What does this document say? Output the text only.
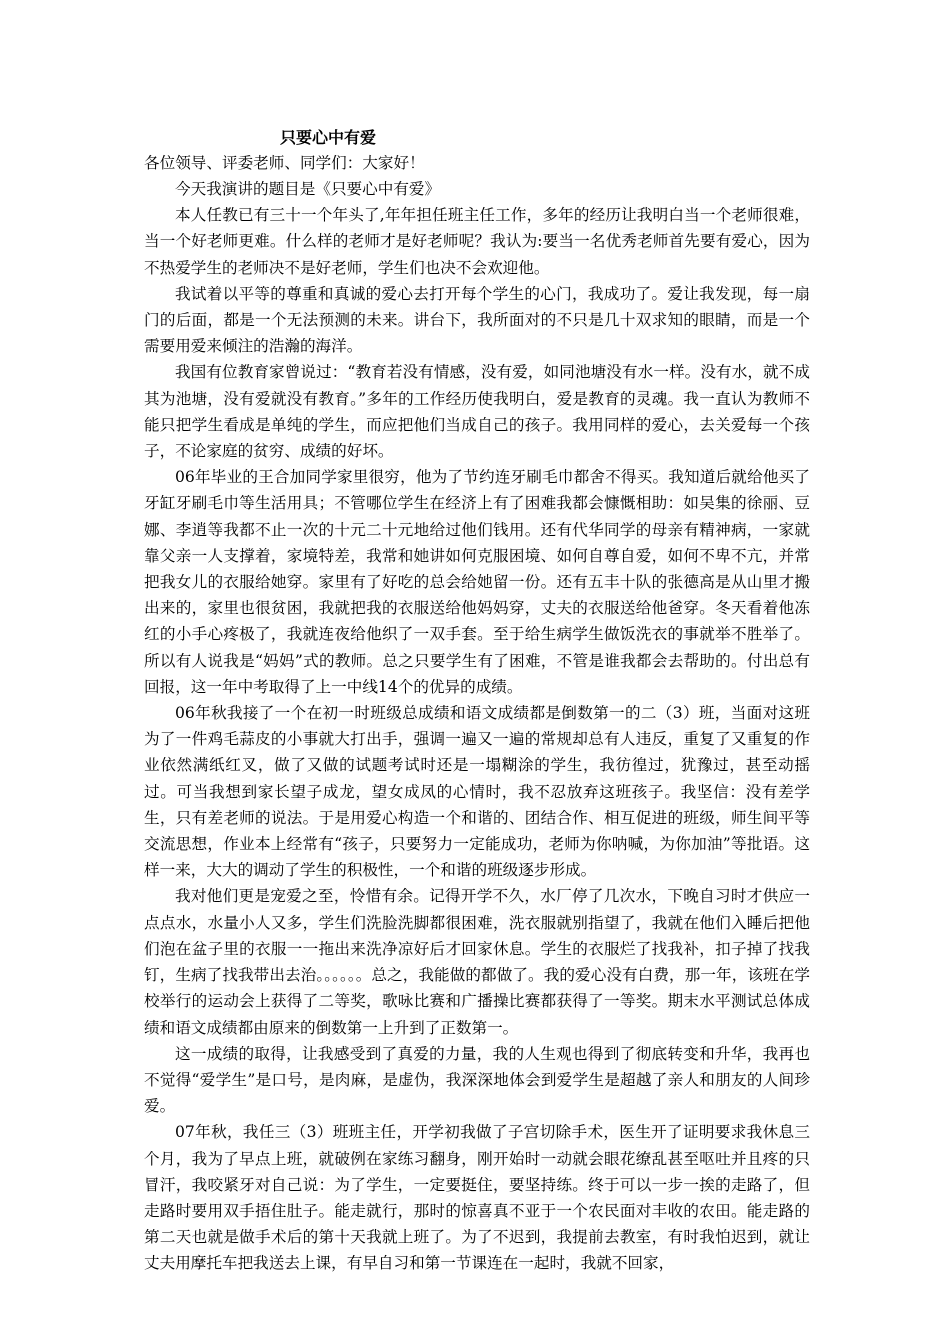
只要心中有爱

各位领导、评委老师、同学们：大家好！

今天我演讲的题目是《只要心中有爱》

本人任教已有三十一个年头了,年年担任班主任工作，多年的经历让我明白当一个老师很难，当一个好老师更难。什么样的老师才是好老师呢？我认为:要当一名优秀老师首先要有爱心，因为不热爱学生的老师决不是好老师，学生们也决不会欢迎他。

我试着以平等的尊重和真诚的爱心去打开每个学生的心门，我成功了。爱让我发现，每一扇门的后面，都是一个无法预测的未来。讲台下，我所面对的不只是几十双求知的眼睛，而是一个需要用爱来倾注的浩瀚的海洋。

我国有位教育家曾说过：“教育若没有情感，没有爱，如同池塘没有水一样。没有水，就不成其为池塘，没有爱就没有教育。”多年的工作经历使我明白，爱是教育的灵魂。我一直认为教师不能只把学生看成是单纯的学生，而应把他们当成自己的孩子。我用同样的爱心，去关爱每一个孩子，不论家庭的贫穷、成绩的好坏。

06年毕业的王合加同学家里很穷，他为了节约连牙刷毛巾都舍不得买。我知道后就给他买了牙缸牙刷毛巾等生活用具；不管哪位学生在经济上有了困难我都会慷慨相助：如吴集的徐丽、豆娜、李逍等我都不止一次的十元二十元地给过他们钱用。还有代华同学的母亲有精神病，一家就靠父亲一人支撑着，家境特差，我常和她讲如何克服困境、如何自尊自爱，如何不卑不亢，并常把我女儿的衣服给她穿。家里有了好吃的总会给她留一份。还有五丰十队的张德高是从山里才搬出来的，家里也很贫困，我就把我的衣服送给他妈妈穿，丈夫的衣服送给他爸穿。冬天看着他冻红的小手心疼极了，我就连夜给他织了一双手套。至于给生病学生做饭洗衣的事就举不胜举了。所以有人说我是“妈妈”式的教师。总之只要学生有了困难，不管是谁我都会去帮助的。付出总有回报，这一年中考取得了上一中线14个的优异的成绩。

06年秋我接了一个在初一时班级总成绩和语文成绩都是倒数第一的二（3）班，当面对这班为了一件鸡毛蒜皮的小事就大打出手，强调一遍又一遍的常规却总有人违反，重复了又重复的作业依然满纸红叉，做了又做的试题考试时还是一塌糊涂的学生，我彷徨过，犹豫过，甚至动摇过。可当我想到家长望子成龙，望女成凤的心情时，我不忍放弃这班孩子。我坚信：没有差学生，只有差老师的说法。于是用爱心构造一个和谐的、团结合作、相互促进的班级，师生间平等交流思想，作业本上经常有“孩子，只要努力一定能成功，老师为你呐喊，为你加油”等批语。这样一来，大大的调动了学生的积极性，一个和谐的班级逐步形成。

我对他们更是宠爱之至，怜惜有余。记得开学不久，水厂停了几次水，下晚自习时才供应一点点水，水量小人又多，学生们洗脸洗脚都很困难，洗衣服就别指望了，我就在他们入睡后把他们泡在盆子里的衣服一一拖出来洗净凉好后才回家休息。学生的衣服烂了找我补，扣子掉了找我钉，生病了找我带出去治。。。。。。总之，我能做的都做了。我的爱心没有白费，那一年，该班在学校举行的运动会上获得了二等奖，歌咏比赛和广播操比赛都获得了一等奖。期末水平测试总体成绩和语文成绩都由原来的倒数第一上升到了正数第一。

这一成绩的取得，让我感受到了真爱的力量，我的人生观也得到了彻底转变和升华，我再也不觉得“爱学生”是口号，是肉麻，是虚伪，我深深地体会到爱学生是超越了亲人和朋友的人间珍爱。

07年秋，我任三（3）班班主任，开学初我做了子宫切除手术，医生开了证明要求我休息三个月，我为了早点上班，就破例在家练习翻身，刚开始时一动就会眼花缭乱甚至呕吐并且疼的只冒汗，我咬紧牙对自己说：为了学生，一定要挺住，要坚持练。终于可以一步一挨的走路了，但走路时要用双手捂住肚子。能走就行，那时的惊喜真不亚于一个农民面对丰收的农田。能走路的第二天也就是做手术后的第十天我就上班了。为了不迟到，我提前去教室，有时我怕迟到，就让丈夫用摩托车把我送去上课，有早自习和第一节课连在一起时，我就不回家，
